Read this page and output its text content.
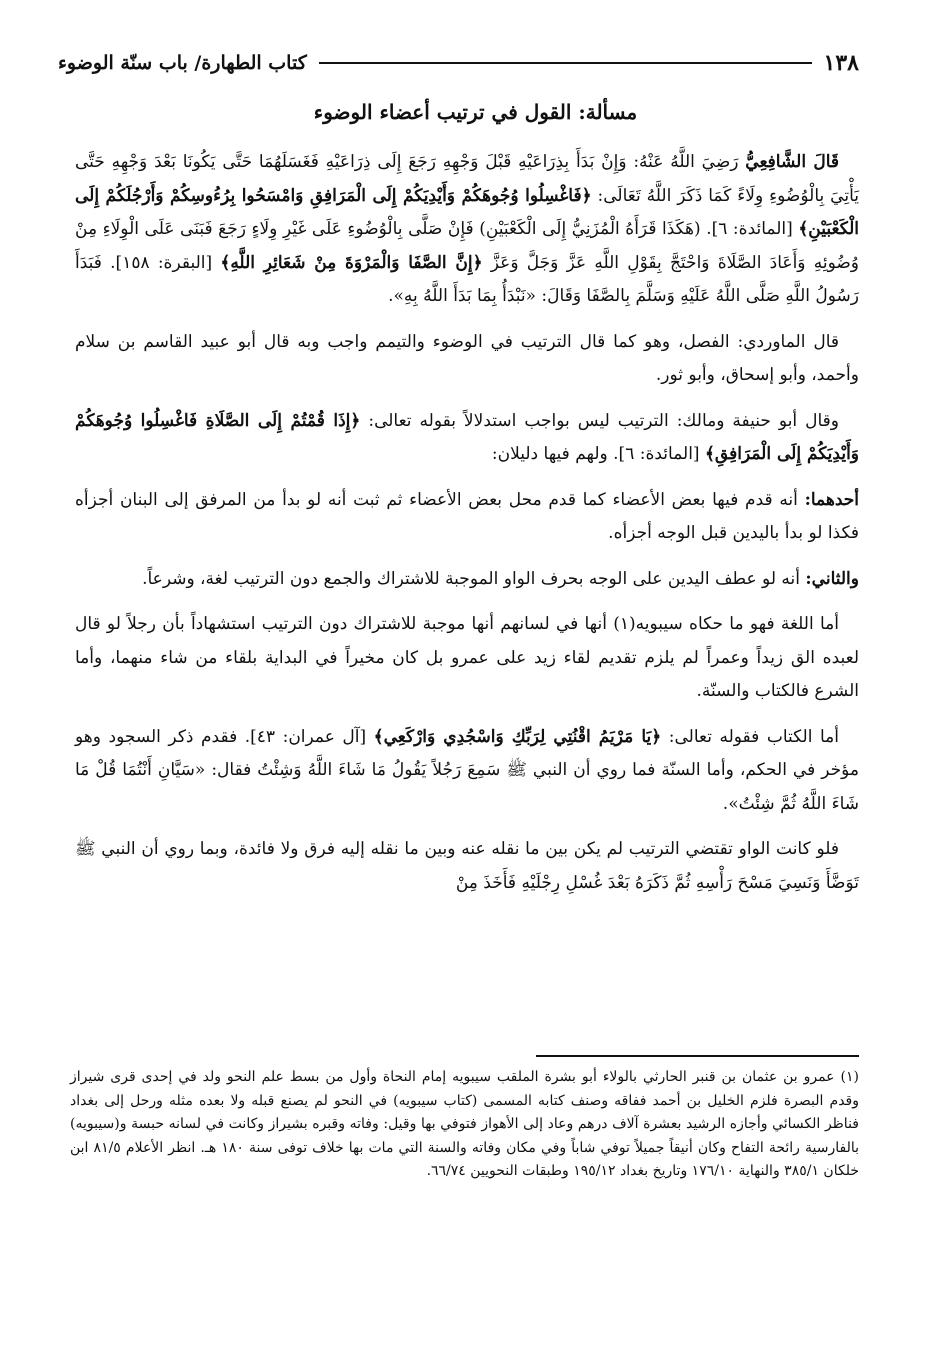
١٣٨
كتاب الطهارة/ باب سنّة الوضوء
مسألة: القول في ترتيب أعضاء الوضوء

قَالَ الشَّافِعِيُّ رَضِيَ اللَّهُ عَنْهُ: وَإِنْ بَدَأَ بِذِرَاعَيْهِ قَبْلَ وَجْهِهِ رَجَعَ إِلَى ذِرَاعَيْهِ فَغَسَلَهُمَا حَتَّى يَكُونَا بَعْدَ وَجْهِهِ حَتَّى يَأْتِيَ بِالْوُضُوءِ وِلَاءً كَمَا ذَكَرَ اللَّهُ تَعَالَى: ﴿فَاغْسِلُوا وُجُوهَكُمْ وَأَيْدِيَكُمْ إِلَى الْمَرَافِقِ وَامْسَحُوا بِرُءُوسِكُمْ وَأَرْجُلَكُمْ إِلَى الْكَعْبَيْنِ﴾ [المائدة: ٦]. (هَكَذَا قَرَأَهُ الْمُزَنِيُّ إِلَى الْكَعْبَيْنِ) فَإِنْ صَلَّى بِالْوُضُوءِ عَلَى غَيْرِ وِلَاءٍ رَجَعَ فَبَنَى عَلَى الْوِلَاءِ مِنْ وُضُوئِهِ وَأَعَادَ الصَّلَاةَ وَاحْتَجَّ بِقَوْلِ اللَّهِ عَزَّ وَجَلَّ وَعَزَّ ﴿إِنَّ الصَّفَا وَالْمَرْوَةَ مِنْ شَعَائِرِ اللَّهِ﴾ [البقرة: ١٥٨]. فَبَدَأَ رَسُولُ اللَّهِ صَلَّى اللَّهُ عَلَيْهِ وَسَلَّمَ بِالصَّفَا وَقَالَ: «نَبْدَأُ بِمَا بَدَأَ اللَّهُ بِهِ».

قال الماوردي: الفصل، وهو كما قال الترتيب في الوضوء والتيمم واجب وبه قال أبو عبيد القاسم بن سلام وأحمد، وأبو إسحاق، وأبو ثور.

وقال أبو حنيفة ومالك: الترتيب ليس بواجب استدلالاً بقوله تعالى: ﴿إِذَا قُمْتُمْ إِلَى الصَّلَاةِ فَاغْسِلُوا وُجُوهَكُمْ وَأَيْدِيَكُمْ إِلَى الْمَرَافِقِ﴾ [المائدة: ٦]. ولهم فيها دليلان:

أحدهما: أنه قدم فيها بعض الأعضاء كما قدم محل بعض الأعضاء ثم ثبت أنه لو بدأ من المرفق إلى البنان أجزأه فكذا لو بدأ باليدين قبل الوجه أجزأه.

والثاني: أنه لو عطف اليدين على الوجه بحرف الواو الموجبة للاشتراك والجمع دون الترتيب لغة، وشرعاً.

أما اللغة فهو ما حكاه سيبويه(١) أنها في لسانهم أنها موجبة للاشتراك دون الترتيب استشهاداً بأن رجلاً لو قال لعبده الق زيداً وعمراً لم يلزم تقديم لقاء زيد على عمرو بل كان مخيراً في البداية بلقاء من شاء منهما، وأما الشرع فالكتاب والسنّة.

أما الكتاب فقوله تعالى: ﴿يَا مَرْيَمُ اقْنُتِي لِرَبِّكِ وَاسْجُدِي وَارْكَعِي﴾ [آل عمران: ٤٣]. فقدم ذكر السجود وهو مؤخر في الحكم، وأما السنّة فما روي أن النبي ﷺ سَمِعَ رَجُلاً يَقُولُ مَا شَاءَ اللَّهُ وَشِئْتُ فقال: «سَيَّانِ أَنْتُمَا قُلْ مَا شَاءَ اللَّهُ ثُمَّ شِئْتُ».

فلو كانت الواو تقتضي الترتيب لم يكن بين ما نقله عنه وبين ما نقله إليه فرق ولا فائدة، وبما روي أن النبي ﷺ تَوَضَّأَ وَنَسِيَ مَسْحَ رَأْسِهِ ثُمَّ ذَكَرَهُ بَعْدَ غُسْلِ رِجْلَيْهِ فَأَخَذَ مِنْ

(١)عمرو بن عثمان بن قنبر الحارثي بالولاء أبو بشرة الملقب سيبويه إمام النحاة وأول من بسط علم النحو ولد في إحدى قرى شيراز وقدم البصرة فلزم الخليل بن أحمد ففاقه وصنف كتابه المسمى (كتاب سيبويه) في النحو لم يصنع قبله ولا بعده مثله ورحل إلى بغداد فناظر الكسائي وأجازه الرشيد بعشرة آلاف درهم وعاد إلى الأهواز فتوفي بها وقيل: وفاته وقبره بشيراز وكانت في لسانه حبسة و(سيبويه) بالفارسية رائحة التفاح وكان أنيقاً جميلاً توفي شاباً وفي مكان وفاته والسنة التي مات بها خلاف توفى سنة ١٨٠ هـ. انظر الأعلام ٨١/٥ ابن خلكان ٣٨٥/١ والنهاية ١٧٦/١٠ وتاريخ بغداد ١٩٥/١٢ وطبقات النحويين ٦٦/٧٤.
